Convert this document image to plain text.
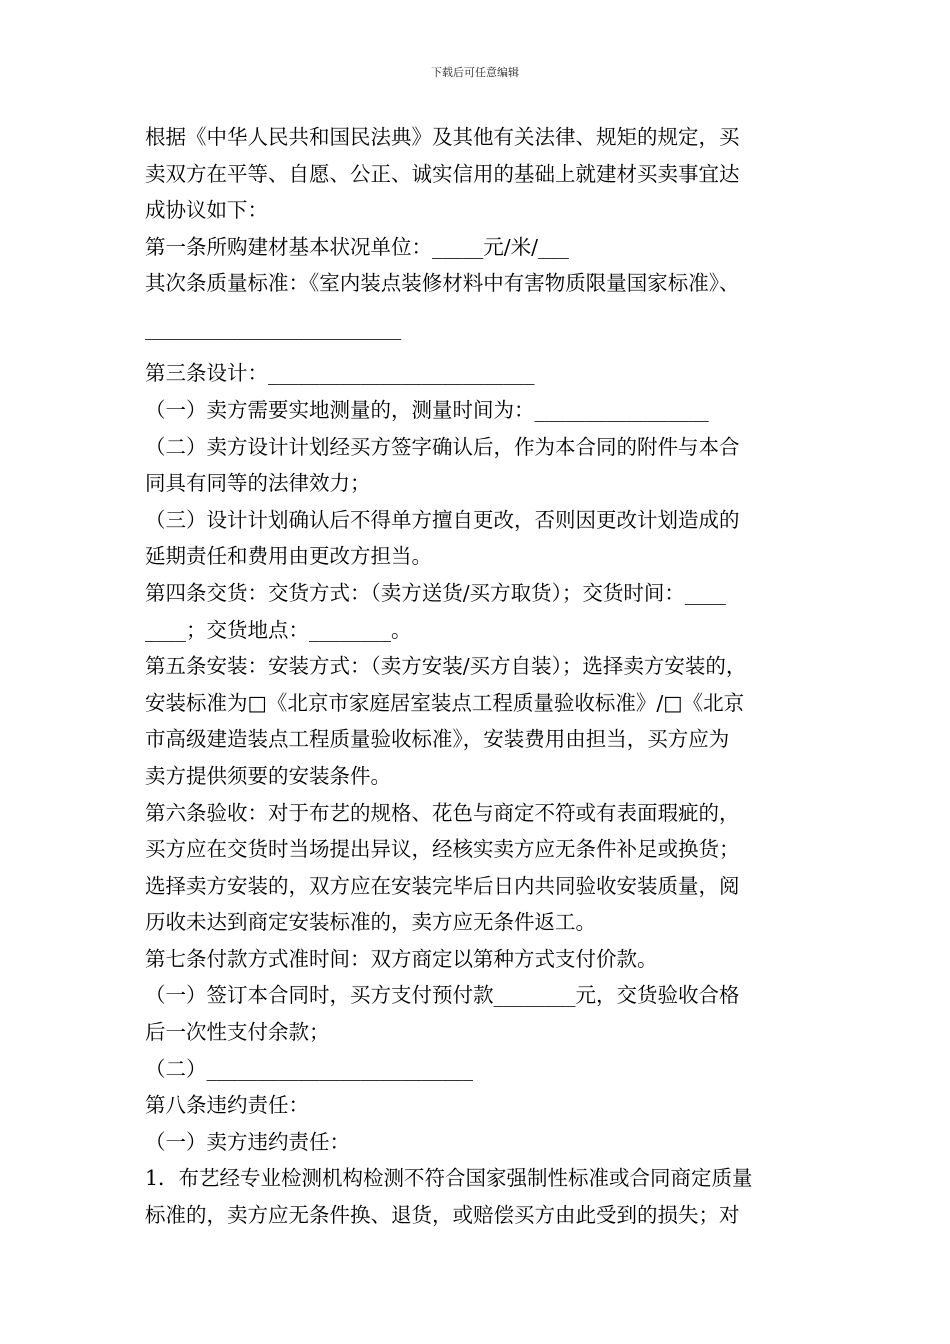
下载后可任意编辑
根据《中华人民共和国民法典》及其他有关法律、规矩的规定，买
卖双方在平等、自愿、公正、诚实信用的基础上就建材买卖事宜达
成协议如下：
第一条所购建材基本状况单位：_____元/米/___
其次条质量标准：《室内装点装修材料中有害物质限量国家标准》、
_________________________
第三条设计：__________________________
（一）卖方需要实地测量的，测量时间为：_________________
（二）卖方设计计划经买方签字确认后，作为本合同的附件与本合
同具有同等的法律效力；
（三）设计计划确认后不得单方擅自更改，否则因更改计划造成的
延期责任和费用由更改方担当。
第四条交货：交货方式：（卖方送货/买方取货）；交货时间：____
____；交货地点：________。
第五条安装：安装方式：（卖方安装/买方自装）；选择卖方安装的，
安装标准为□《北京市家庭居室装点工程质量验收标准》/□《北京
市高级建造装点工程质量验收标准》，安装费用由担当，买方应为
卖方提供须要的安装条件。
第六条验收：对于布艺的规格、花色与商定不符或有表面瑕疵的，
买方应在交货时当场提出异议，经核实卖方应无条件补足或换货；
选择卖方安装的，双方应在安装完毕后日内共同验收安装质量，阅
历收未达到商定安装标准的，卖方应无条件返工。
第七条付款方式准时间：双方商定以第种方式支付价款。
（一）签订本合同时，买方支付预付款________元，交货验收合格
后一次性支付余款；
（二）__________________________
第八条违约责任：
（一）卖方违约责任：
1．布艺经专业检测机构检测不符合国家强制性标准或合同商定质量
标准的，卖方应无条件换、退货，或赔偿买方由此受到的损失；对
